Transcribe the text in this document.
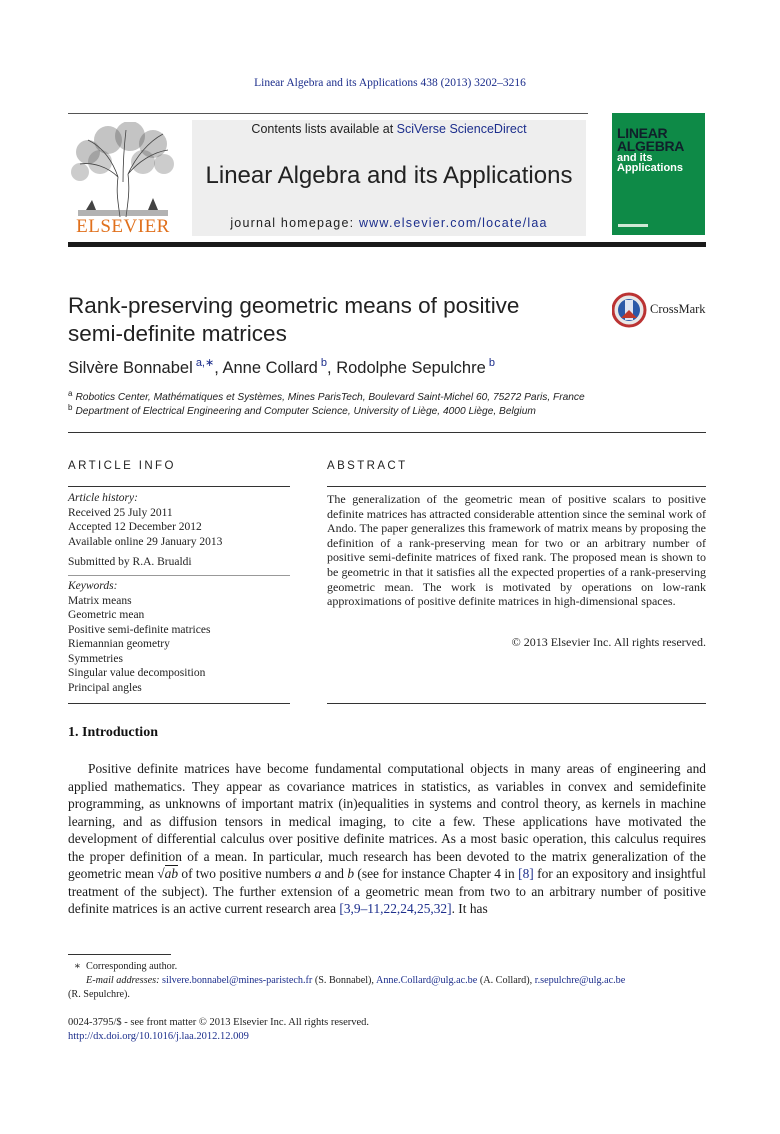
Linear Algebra and its Applications 438 (2013) 3202–3216
ELSEVIER
Contents lists available at SciVerse ScienceDirect
Linear Algebra and its Applications
journal homepage: www.elsevier.com/locate/laa
LINEAR
ALGEBRA
and its
Applications
Rank-preserving geometric means of positive
semi-definite matrices
CrossMark
Silvère Bonnabel $^{a,∗}$, Anne Collard $^b$, Rodolphe Sepulchre $^b$
$^a$ Robotics Center, Mathématiques et Systèmes, Mines ParisTech, Boulevard Saint-Michel 60, 75272 Paris, France
$^b$ Department of Electrical Engineering and Computer Science, University of Liège, 4000 Liège, Belgium
ARTICLE INFO
Article history:
Received 25 July 2011
Accepted 12 December 2012
Available online 29 January 2013
Submitted by R.A. Brualdi
Keywords:
Matrix means
Geometric mean
Positive semi-definite matrices
Riemannian geometry
Symmetries
Singular value decomposition
Principal angles
ABSTRACT
The generalization of the geometric mean of positive scalars to positive definite matrices has attracted considerable attention since the seminal work of Ando. The paper generalizes this framework of matrix means by proposing the definition of a rank-preserving mean for two or an arbitrary number of positive semi-definite matrices of fixed rank. The proposed mean is shown to be geometric in that it satisfies all the expected properties of a rank-preserving geometric mean. The work is motivated by operations on low-rank approximations of positive definite matrices in high-dimensional spaces.
© 2013 Elsevier Inc. All rights reserved.
1. Introduction

Positive definite matrices have become fundamental computational objects in many areas of engineering and applied mathematics. They appear as covariance matrices in statistics, as variables in convex and semidefinite programming, as unknowns of important matrix (in)equalities in systems and control theory, as kernels in machine learning, and as diffusion tensors in medical imaging, to cite a few. These applications have motivated the development of differential calculus over positive definite matrices. As a most basic operation, this calculus requires the proper definition of a mean. In particular, much research has been devoted to the matrix generalization of the geometric mean √ab of two positive numbers a and b (see for instance Chapter 4 in [8] for an expository and insightful treatment of the subject). The further extension of a geometric mean from two to an arbitrary number of positive definite matrices is an active current research area [3,9–11,22,24,25,32]. It has

∗ Corresponding author.
E-mail addresses: silvere.bonnabel@mines-paristech.fr (S. Bonnabel), Anne.Collard@ulg.ac.be (A. Collard), r.sepulchre@ulg.ac.be
(R. Sepulchre).
0024-3795/$ - see front matter © 2013 Elsevier Inc. All rights reserved.
http://dx.doi.org/10.1016/j.laa.2012.12.009
